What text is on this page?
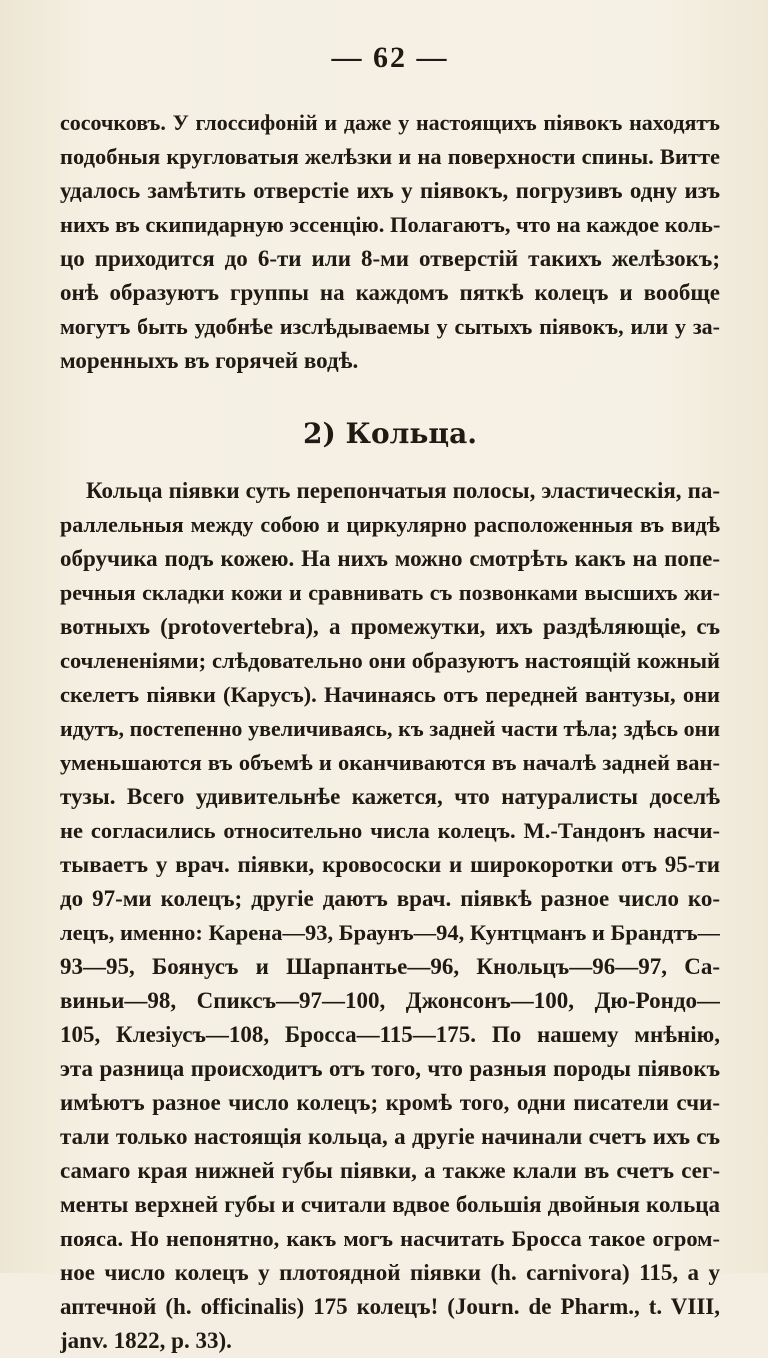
— 62 —
сосочковъ. У глоссифоній и даже у настоящихъ піявокъ находятъ
подобныя кругловатыя желѣзки и на поверхности спины. Витте
удалось замѣтить отверстіе ихъ у піявокъ, погрузивъ одну изъ
нихъ въ скипидарную эссенцію. Полагаютъ, что на каждое коль-
цо приходится до 6-ти или 8-ми отверстій такихъ желѣзокъ;
онѣ образуютъ группы на каждомъ пяткѣ колецъ и вообще
могутъ быть удобнѣе изслѣдываемы у сытыхъ піявокъ, или у за-
моренныхъ въ горячей водѣ.
2) Кольца.
Кольца піявки суть перепончатыя полосы, эластическія, па-
раллельныя между собою и циркулярно расположенныя въ видѣ
обручика подъ кожею. На нихъ можно смотрѣть какъ на попе-
речныя складки кожи и сравнивать съ позвонками высшихъ жи-
вотныхъ (protovertebra), а промежутки, ихъ раздѣляющіе, съ
сочлененіями; слѣдовательно они образуютъ настоящій кожный
скелетъ піявки (Карусъ). Начинаясь отъ передней вантузы, они
идутъ, постепенно увеличиваясь, къ задней части тѣла; здѣсь они
уменьшаются въ объемѣ и оканчиваются въ началѣ задней ван-
тузы. Всего удивительнѣе кажется, что натуралисты доселѣ
не согласились относительно числа колецъ. М.-Тандонъ насчи-
тываетъ у врач. піявки, кровососки и широкоротки отъ 95-ти
до 97-ми колецъ; другіе даютъ врач. піявкѣ разное число ко-
лецъ, именно: Карена—93, Браунъ—94, Кунтцманъ и Брандтъ—
93—95, Боянусъ и Шарпантье—96, Кнольцъ—96—97, Са-
виньи—98, Спиксъ—97—100, Джонсонъ—100, Дю-Рондо—
105, Клезіусъ—108, Бросса—115—175. По нашему мнѣнію,
эта разница происходитъ отъ того, что разныя породы піявокъ
имѣютъ разное число колецъ; кромѣ того, одни писатели счи-
тали только настоящія кольца, а другіе начинали счетъ ихъ съ
самаго края нижней губы піявки, а также клали въ счетъ сег-
менты верхней губы и считали вдвое большія двойныя кольца
пояса. Но непонятно, какъ могъ насчитать Бросса такое огром-
ное число колецъ у плотоядной піявки (h. carnivora) 115, а у
аптечной (h. officinalis) 175 колецъ! (Journ. de Pharm., t. VIII,
janv. 1822, p. 33).
